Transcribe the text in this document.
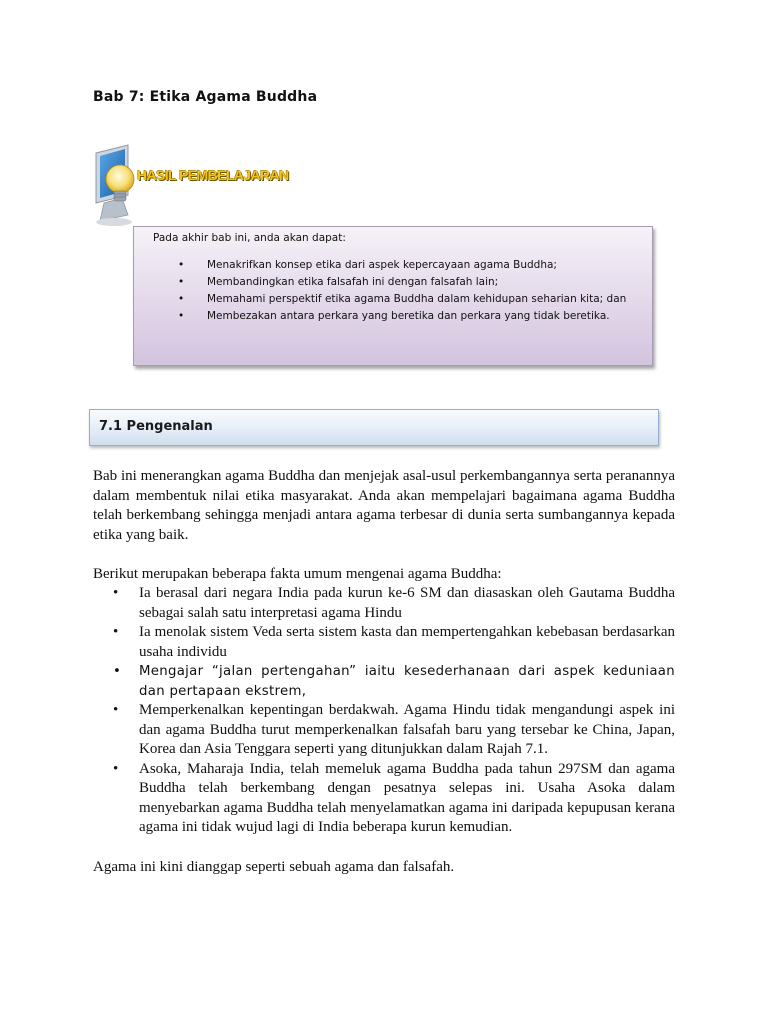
Bab 7: Etika Agama Buddha
HASIL PEMBELAJARAN

Pada akhir bab ini, anda akan dapat:

• Menakrifkan konsep etika dari aspek kepercayaan agama Buddha;
• Membandingkan etika falsafah ini dengan falsafah lain;
• Memahami perspektif etika agama Buddha dalam kehidupan seharian kita; dan
• Membezakan antara perkara yang beretika dan perkara yang tidak beretika.
7.1 Pengenalan

Bab ini menerangkan agama Buddha dan menjejak asal-usul perkembangannya serta peranannya dalam membentuk nilai etika masyarakat. Anda akan mempelajari bagaimana agama Buddha telah berkembang sehingga menjadi antara agama terbesar di dunia serta sumbangannya kepada etika yang baik.

Berikut merupakan beberapa fakta umum mengenai agama Buddha:

• Ia berasal dari negara India pada kurun ke-6 SM dan diasaskan oleh Gautama Buddha sebagai salah satu interpretasi agama Hindu
• Ia menolak sistem Veda serta sistem kasta dan mempertengahkan kebebasan berdasarkan usaha individu
• Mengajar “jalan pertengahan” iaitu kesederhanaan dari aspek keduniaan dan pertapaan ekstrem,
• Memperkenalkan kepentingan berdakwah. Agama Hindu tidak mengandungi aspek ini dan agama Buddha turut memperkenalkan falsafah baru yang tersebar ke China, Japan, Korea dan Asia Tenggara seperti yang ditunjukkan dalam Rajah 7.1.
• Asoka, Maharaja India, telah memeluk agama Buddha pada tahun 297SM dan agama Buddha telah berkembang dengan pesatnya selepas ini. Usaha Asoka dalam menyebarkan agama Buddha telah menyelamatkan agama ini daripada kepupusan kerana agama ini tidak wujud lagi di India beberapa kurun kemudian.

Agama ini kini dianggap seperti sebuah agama dan falsafah.
